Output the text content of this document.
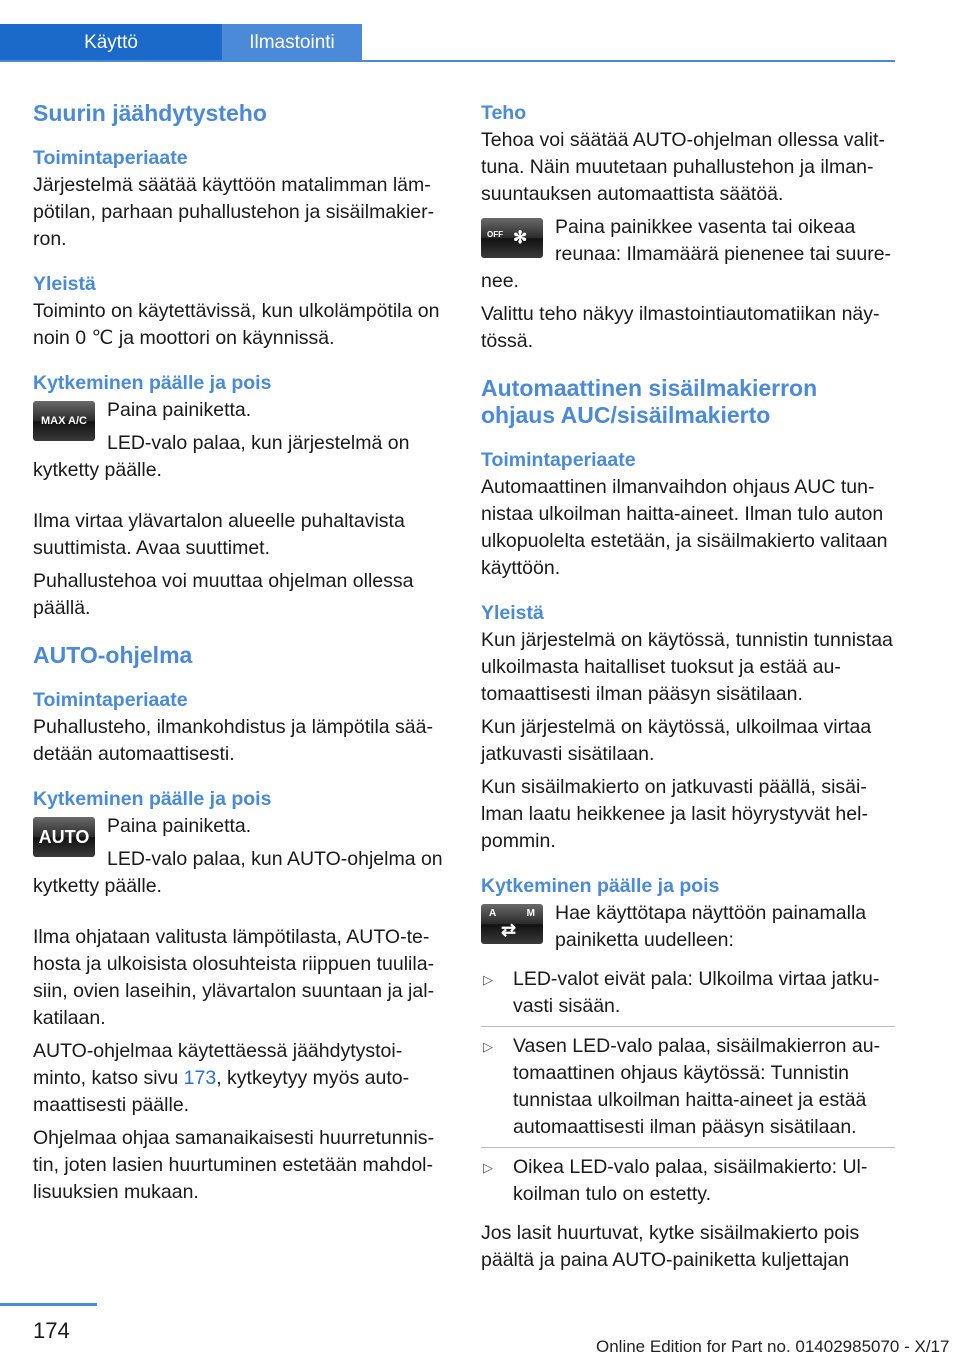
Käyttö	Ilmastointi
Suurin jäähdytysteho
Toimintaperiaate

Järjestelmä säätää käyttöön matalimman lämpötilan, parhaan puhallustehon ja sisäilmakierron.

Yleistä

Toiminto on käytettävissä, kun ulkolämpötila on noin 0 ℃ ja moottori on käynnissä.

Kytkeminen päälle ja pois
MAX A/C	Paina painiketta.

LED-valo palaa, kun järjestelmä on kytketty päälle.

Ilma virtaa ylävartalon alueelle puhaltavista suuttimista. Avaa suuttimet.

Puhallustehoa voi muuttaa ohjelman ollessa päällä.

AUTO-ohjelma
Toimintaperiaate

Puhallusteho, ilmankohdistus ja lämpötila säädetään automaattisesti.

Kytkeminen päälle ja pois
AUTO Paina painiketta.

LED-valo palaa, kun AUTO-ohjelma on kytketty päälle.

Ilma ohjataan valitusta lämpötilasta, AUTO-tehosta ja ulkoisista olosuhteista riippuen tuulilasiin, ovien laseihin, ylävartalon suuntaan ja jalkatilaan.

AUTO-ohjelmaa käytettäessä jäähdytystoiminto, katso sivu 173, kytkeytyy myös automaattisesti päälle.

Ohjelmaa ohjaa samanaikaisesti huurretunnistin, joten lasien huurtuminen estetään mahdollisuuksien mukaan.

Teho

Tehoa voi säätää AUTO-ohjelman ollessa valittuna. Näin muutetaan puhallustehon ja ilmansuuntauksen automaattista säätöä.

OFF ✻	Paina painikkee vasenta tai oikeaa reunaa: Ilmamäärä pienenee tai suurenee.

Valittu teho näkyy ilmastointiautomatiikan näytössä.

Automaattinen sisäilmakierron ohjaus AUC/sisäilmakierto
Toimintaperiaate

Automaattinen ilmanvaihdon ohjaus AUC tunnistaa ulkoilman haitta-aineet. Ilman tulo auton ulkopuolelta estetään, ja sisäilmakierto valitaan käyttöön.

Yleistä

Kun järjestelmä on käytössä, tunnistin tunnistaa ulkoilmasta haitalliset tuoksut ja estää automaattisesti ilman pääsyn sisätilaan.

Kun järjestelmä on käytössä, ulkoilmaa virtaa jatkuvasti sisätilaan.

Kun sisäilmakierto on jatkuvasti päällä, sisäilman laatu heikkenee ja lasit höyrystyvät helpommin.

Kytkeminen päälle ja pois
A	M
⇄

Hae käyttötapa näyttöön painamalla painiketta uudelleen:

▷ LED-valot eivät pala: Ulkoilma virtaa jatkuvasti sisään.
▷ Vasen LED-valo palaa, sisäilmakierron automaattinen ohjaus käytössä: Tunnistin tunnistaa ulkoilman haitta-aineet ja estää automaattisesti ilman pääsyn sisätilaan.
▷ Oikea LED-valo palaa, sisäilmakierto: Ulkoilman tulo on estetty.

Jos lasit huurtuvat, kytke sisäilmakierto pois päältä ja paina AUTO-painiketta kuljettajan

174
Online Edition for Part no. 01402985070 - X/17
